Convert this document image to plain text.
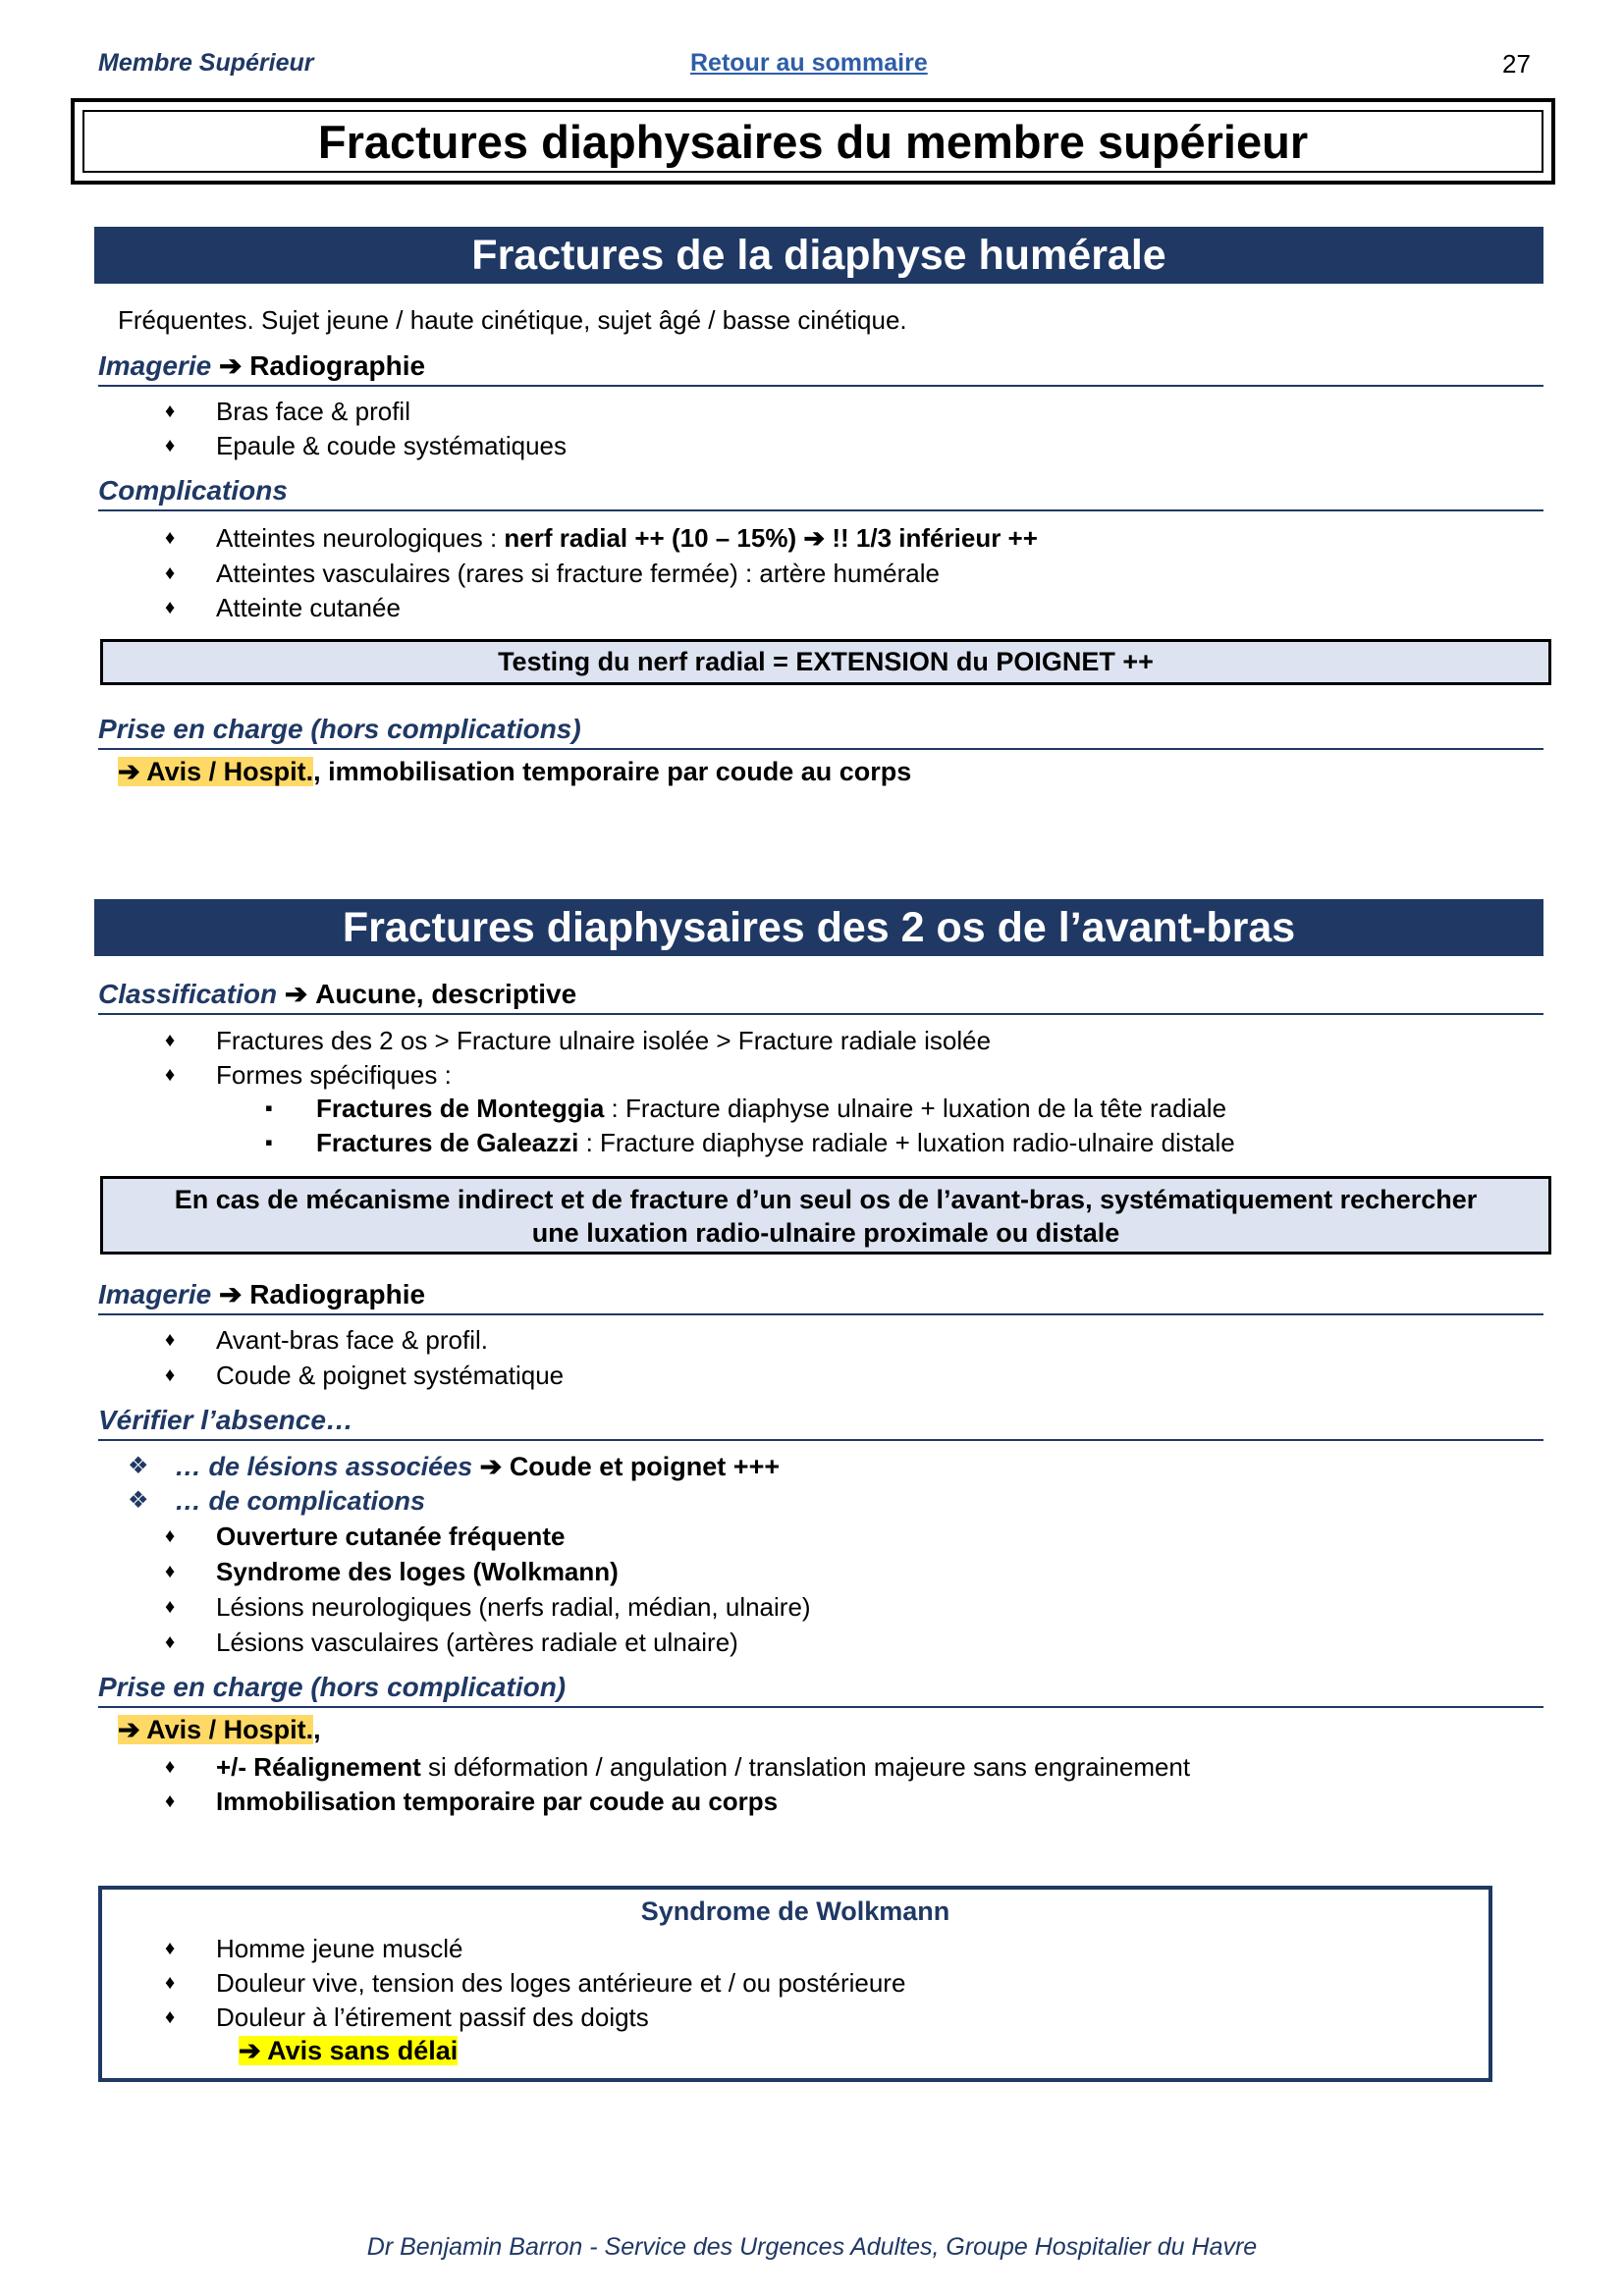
Membre Supérieur	Retour au sommaire	27
Fractures diaphysaires du membre supérieur
Fractures de la diaphyse humérale
Fréquentes. Sujet jeune / haute cinétique, sujet âgé / basse cinétique.
Imagerie ➔ Radiographie
♦ Bras face & profil
♦ Epaule & coude systématiques
Complications
♦ Atteintes neurologiques : nerf radial ++ (10 – 15%) ➔ !! 1/3 inférieur ++
♦ Atteintes vasculaires (rares si fracture fermée) : artère humérale
♦ Atteinte cutanée
Testing du nerf radial = EXTENSION du POIGNET ++
Prise en charge (hors complications)
➔ Avis / Hospit., immobilisation temporaire par coude au corps
Fractures diaphysaires des 2 os de l’avant-bras
Classification ➔ Aucune, descriptive
♦ Fractures des 2 os > Fracture ulnaire isolée > Fracture radiale isolée
♦ Formes spécifiques :
▪ Fractures de Monteggia : Fracture diaphyse ulnaire + luxation de la tête radiale
▪ Fractures de Galeazzi : Fracture diaphyse radiale + luxation radio-ulnaire distale
En cas de mécanisme indirect et de fracture d’un seul os de l’avant-bras, systématiquement rechercher
une luxation radio-ulnaire proximale ou distale
Imagerie ➔ Radiographie
♦ Avant-bras face & profil.
♦ Coude & poignet systématique
Vérifier l’absence…
❖ … de lésions associées ➔ Coude et poignet +++
❖ … de complications
♦ Ouverture cutanée fréquente
♦ Syndrome des loges (Wolkmann)
♦ Lésions neurologiques (nerfs radial, médian, ulnaire)
♦ Lésions vasculaires (artères radiale et ulnaire)
Prise en charge (hors complication)
➔ Avis / Hospit.,
♦ +/- Réalignement si déformation / angulation / translation majeure sans engrainement
♦ Immobilisation temporaire par coude au corps
Syndrome de Wolkmann
♦ Homme jeune musclé
♦ Douleur vive, tension des loges antérieure et / ou postérieure
♦ Douleur à l’étirement passif des doigts
➔ Avis sans délai
Dr Benjamin Barron - Service des Urgences Adultes, Groupe Hospitalier du Havre
